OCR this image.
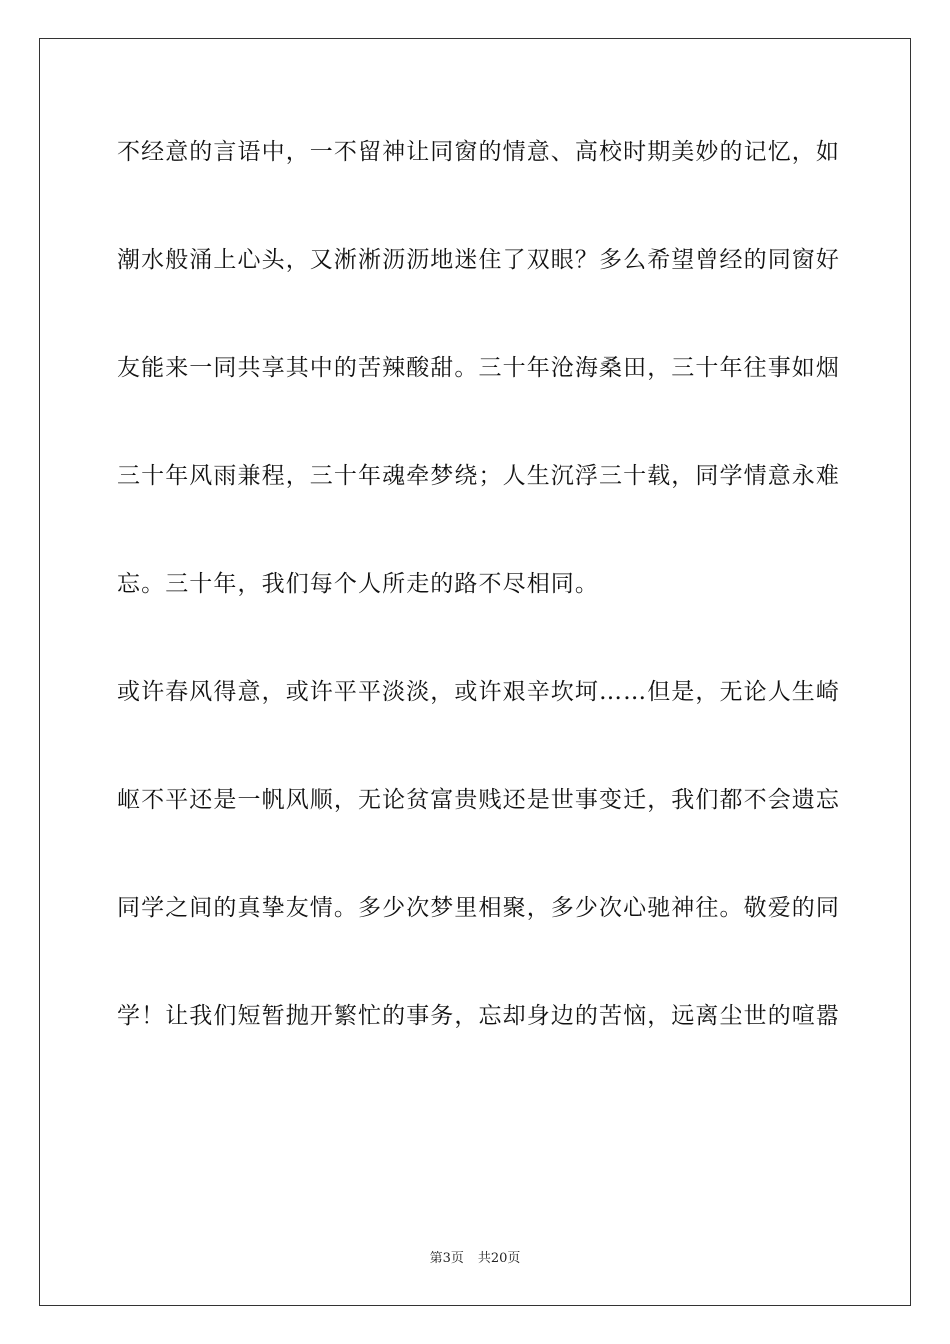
不经意的言语中，一不留神让同窗的情意、高校时期美妙的记忆，如
潮水般涌上心头，又淅淅沥沥地迷住了双眼？多么希望曾经的同窗好
友能来一同共享其中的苦辣酸甜。三十年沧海桑田，三十年往事如烟
三十年风雨兼程，三十年魂牵梦绕；人生沉浮三十载，同学情意永难
忘。三十年，我们每个人所走的路不尽相同。
或许春风得意，或许平平淡淡，或许艰辛坎坷……但是，无论人生崎
岖不平还是一帆风顺，无论贫富贵贱还是世事变迁，我们都不会遗忘
同学之间的真挚友情。多少次梦里相聚，多少次心驰神往。敬爱的同
学！让我们短暂抛开繁忙的事务，忘却身边的苦恼，远离尘世的喧嚣
第3页 共20页
